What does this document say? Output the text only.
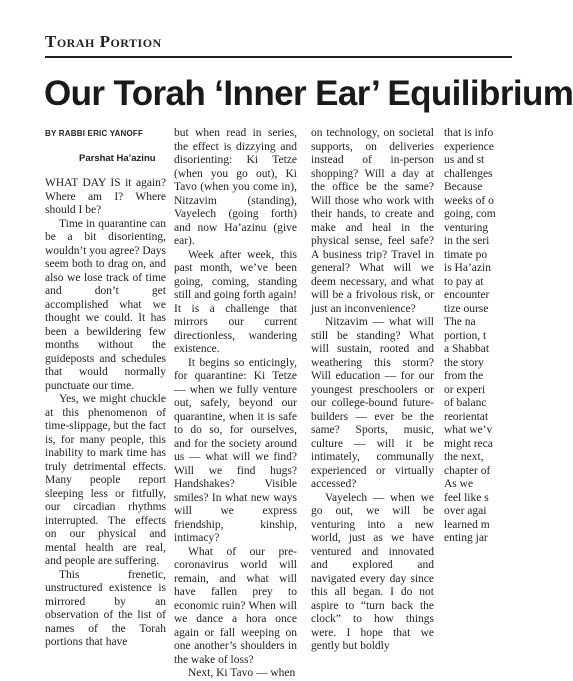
Torah Portion
Our Torah ‘Inner Ear’ Equilibrium
BY RABBI ERIC YANOFF
Parshat Ha’azinu

WHAT DAY IS it again? Where am I? Where should I be?

Time in quarantine can be a bit disorienting, wouldn’t you agree? Days seem both to drag on, and also we lose track of time and don’t get accomplished what we thought we could. It has been a bewildering few months without the guideposts and schedules that would normally punctuate our time.

Yes, we might chuckle at this phenomenon of time-slippage, but the fact is, for many people, this inability to mark time has truly detrimental effects. Many people report sleeping less or fitfully, our circadian rhythms interrupted. The effects on our physical and mental health are real, and people are suffering.

This frenetic, unstructured existence is mirrored by an observation of the list of names of the Torah portions that have

but when read in series, the effect is dizzying and disorienting: Ki Tetze (when you go out), Ki Tavo (when you come in), Nitzavim (standing), Vayelech (going forth) and now Ha’azinu (give ear).

Week after week, this past month, we’ve been going, coming, standing still and going forth again! It is a challenge that mirrors our current directionless, wandering existence.

It begins so enticingly, for quarantine: Ki Tetze — when we fully venture out, safely, beyond our quarantine, when it is safe to do so, for ourselves, and for the society around us — what will we find? Will we find hugs? Handshakes? Visible smiles? In what new ways will we express friendship, kinship, intimacy?

What of our pre-coronavirus world will remain, and what will have fallen prey to economic ruin? When will we dance a hora once again or fall weeping on one another’s shoulders in the wake of loss?

Next, Ki Tavo — when

on technology, on societal supports, on deliveries instead of in-person shopping? Will a day at the office be the same? Will those who work with their hands, to create and make and heal in the physical sense, feel safe? A business trip? Travel in general? What will we deem necessary, and what will be a frivolous risk, or just an inconvenience?

Nitzavim — what will still be standing? What will sustain, rooted and weathering this storm? Will education — for our youngest preschoolers or our college-bound future-builders — ever be the same? Sports, music, culture — will it be intimately, communally experienced or virtually accessed?

Vayelech — when we go out, we will be venturing into a new world, just as we have ventured and innovated and explored and navigated every day since this all began. I do not aspire to “turn back the clock” to how things were. I hope that we gently but boldly

that is info

experience

us and st

challenges

Because

weeks of o

going, com

venturing

in the seri

timate po

is Ha’azin

to pay at

encounter

tize ourse

The na

portion, t

a Shabbat

the story

from the

or experi

of balanc

reorientat

what we’v

might reca

the next,

chapter of

As we

feel like s

over agai

learned m

enting jar
